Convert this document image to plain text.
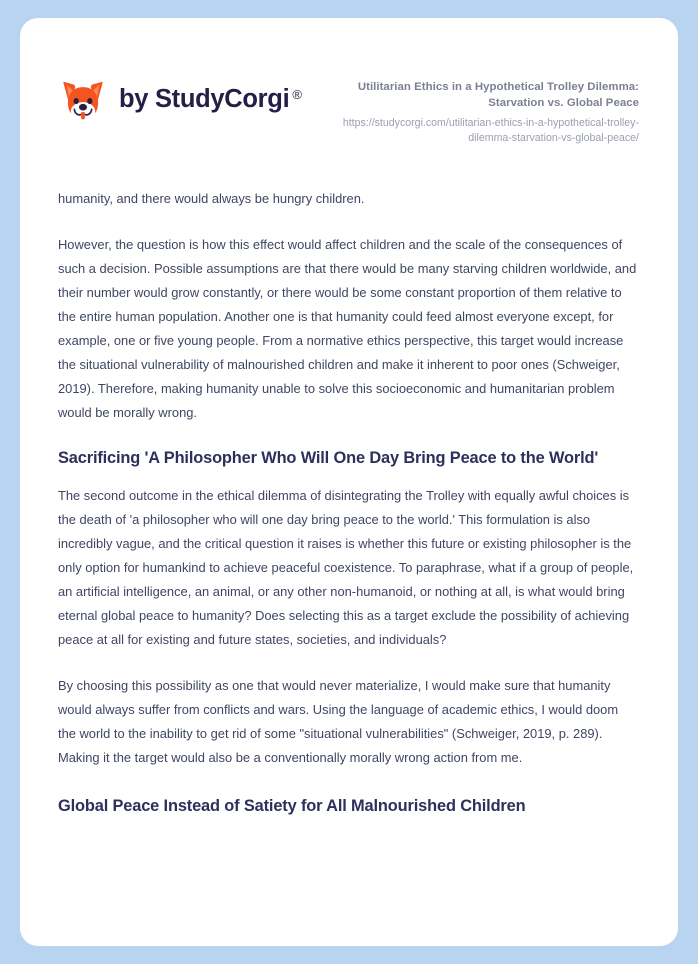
by StudyCorgi ®
Utilitarian Ethics in a Hypothetical Trolley Dilemma: Starvation vs. Global Peace
https://studycorgi.com/utilitarian-ethics-in-a-hypothetical-trolley-dilemma-starvation-vs-global-peace/

humanity, and there would always be hungry children.

However, the question is how this effect would affect children and the scale of the consequences of such a decision. Possible assumptions are that there would be many starving children worldwide, and their number would grow constantly, or there would be some constant proportion of them relative to the entire human population. Another one is that humanity could feed almost everyone except, for example, one or five young people. From a normative ethics perspective, this target would increase the situational vulnerability of malnourished children and make it inherent to poor ones (Schweiger, 2019). Therefore, making humanity unable to solve this socioeconomic and humanitarian problem would be morally wrong.

Sacrificing 'A Philosopher Who Will One Day Bring Peace to the World'

The second outcome in the ethical dilemma of disintegrating the Trolley with equally awful choices is the death of 'a philosopher who will one day bring peace to the world.' This formulation is also incredibly vague, and the critical question it raises is whether this future or existing philosopher is the only option for humankind to achieve peaceful coexistence. To paraphrase, what if a group of people, an artificial intelligence, an animal, or any other non-humanoid, or nothing at all, is what would bring eternal global peace to humanity? Does selecting this as a target exclude the possibility of achieving peace at all for existing and future states, societies, and individuals?

By choosing this possibility as one that would never materialize, I would make sure that humanity would always suffer from conflicts and wars. Using the language of academic ethics, I would doom the world to the inability to get rid of some "situational vulnerabilities" (Schweiger, 2019, p. 289). Making it the target would also be a conventionally morally wrong action from me.

Global Peace Instead of Satiety for All Malnourished Children
